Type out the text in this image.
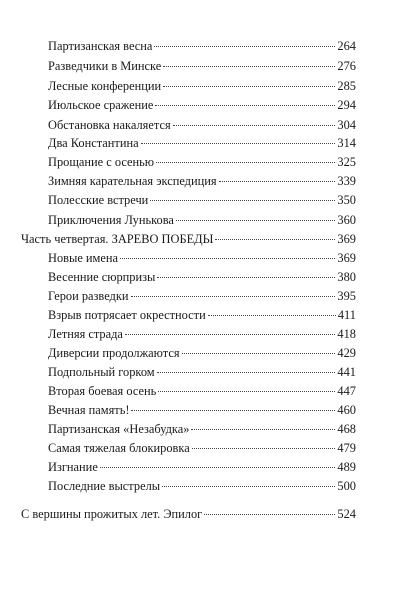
Партизанская весна	264
Разведчики в Минске	276
Лесные конференции	285
Июльское сражение	294
Обстановка накаляется	304
Два Константина	314
Прощание с осенью	325
Зимняя карательная экспедиция	339
Полесские встречи	350
Приключения Лунькова	360
Часть четвертая. ЗАРЕВО ПОБЕДЫ	369
Новые имена	369
Весенние сюрпризы	380
Герои разведки	395
Взрыв потрясает окрестности	411
Летняя страда	418
Диверсии продолжаются	429
Подпольный горком	441
Вторая боевая осень	447
Вечная память!	460
Партизанская «Незабудка»	468
Самая тяжелая блокировка	479
Изгнание	489
Последние выстрелы	500
С вершины прожитых лет. Эпилог	524
